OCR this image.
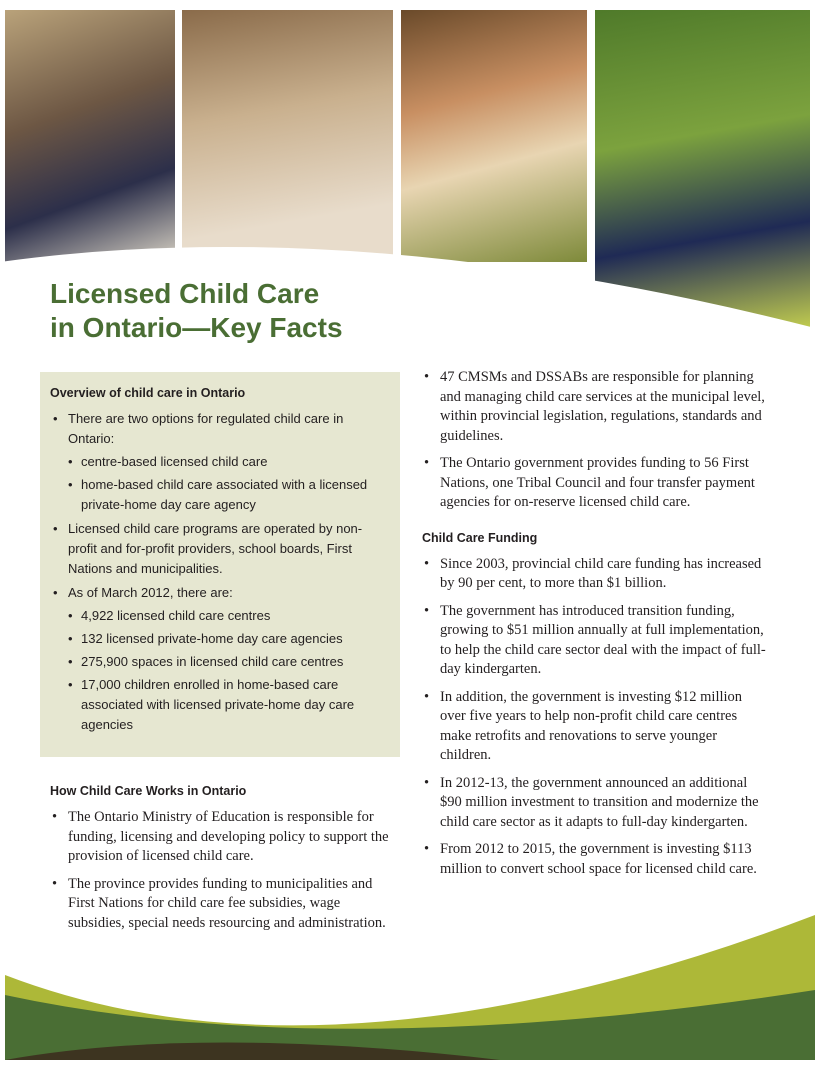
Licensed Child Care
in Ontario—Key Facts
Overview of child care in Ontario
• There are two options for regulated child care in Ontario:
• centre-based licensed child care
• home-based child care associated with a licensed private-home day care agency
• Licensed child care programs are operated by non-profit and for-profit providers, school boards, First Nations and municipalities.
• As of March 2012, there are:
• 4,922 licensed child care centres
• 132 licensed private-home day care agencies
• 275,900 spaces in licensed child care centres
• 17,000 children enrolled in home-based care associated with licensed private-home day care agencies
How Child Care Works in Ontario
• The Ontario Ministry of Education is responsible for funding, licensing and developing policy to support the provision of licensed child care.
• The province provides funding to municipalities and First Nations for child care fee subsidies, wage subsidies, special needs resourcing and administration.
• 47 CMSMs and DSSABs are responsible for planning and managing child care services at the municipal level, within provincial legislation, regulations, standards and guidelines.
• The Ontario government provides funding to 56 First Nations, one Tribal Council and four transfer payment agencies for on-reserve licensed child care.
Child Care Funding
• Since 2003, provincial child care funding has increased by 90 per cent, to more than $1 billion.
• The government has introduced transition funding, growing to $51 million annually at full implementation, to help the child care sector deal with the impact of full-day kindergarten.
• In addition, the government is investing $12 million over five years to help non-profit child care centres make retrofits and renovations to serve younger children.
• In 2012-13, the government announced an additional $90 million investment to transition and modernize the child care sector as it adapts to full-day kindergarten.
• From 2012 to 2015, the government is investing $113 million to convert school space for licensed child care.
